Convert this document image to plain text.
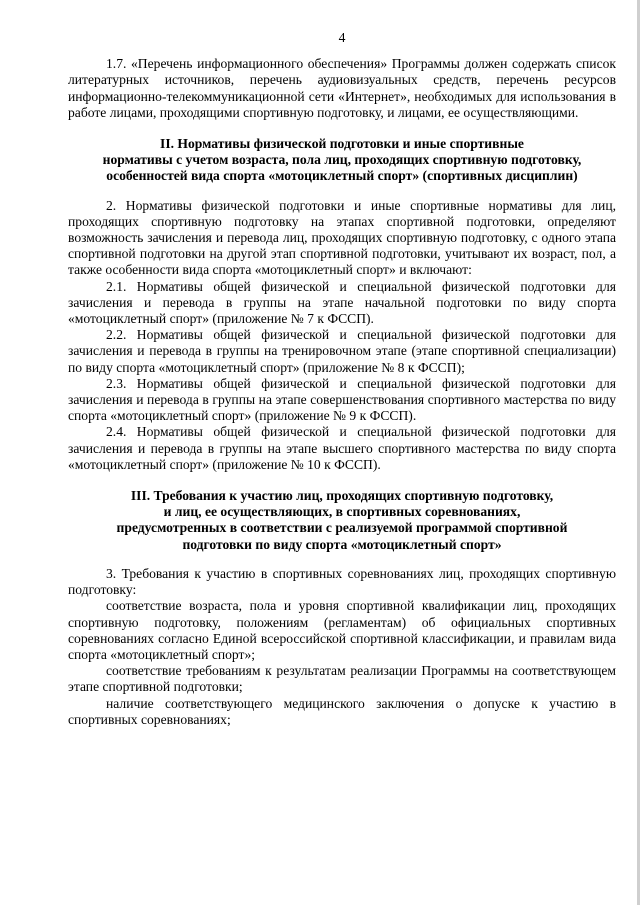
4

1.7. «Перечень информационного обеспечения» Программы должен содержать список литературных источников, перечень аудиовизуальных средств, перечень ресурсов информационно-телекоммуникационной сети «Интернет», необходимых для использования в работе лицами, проходящими спортивную подготовку, и лицами, ее осуществляющими.

II. Нормативы физической подготовки и иные спортивные
нормативы с учетом возраста, пола лиц, проходящих спортивную подготовку,
особенностей вида спорта «мотоциклетный спорт» (спортивных дисциплин)

2. Нормативы физической подготовки и иные спортивные нормативы для лиц, проходящих спортивную подготовку на этапах спортивной подготовки, определяют возможность зачисления и перевода лиц, проходящих спортивную подготовку, с одного этапа спортивной подготовки на другой этап спортивной подготовки, учитывают их возраст, пол, а также особенности вида спорта «мотоциклетный спорт» и включают:

2.1. Нормативы общей физической и специальной физической подготовки для зачисления и перевода в группы на этапе начальной подготовки по виду спорта «мотоциклетный спорт» (приложение № 7 к ФССП).

2.2. Нормативы общей физической и специальной физической подготовки для зачисления и перевода в группы на тренировочном этапе (этапе спортивной специализации) по виду спорта «мотоциклетный спорт» (приложение № 8 к ФССП);

2.3. Нормативы общей физической и специальной физической подготовки для зачисления и перевода в группы на этапе совершенствования спортивного мастерства по виду спорта «мотоциклетный спорт» (приложение № 9 к ФССП).

2.4. Нормативы общей физической и специальной физической подготовки для зачисления и перевода в группы на этапе высшего спортивного мастерства по виду спорта «мотоциклетный спорт» (приложение № 10 к ФССП).

III. Требования к участию лиц, проходящих спортивную подготовку,
и лиц, ее осуществляющих, в спортивных соревнованиях,
предусмотренных в соответствии с реализуемой программой спортивной
подготовки по виду спорта «мотоциклетный спорт»

3. Требования к участию в спортивных соревнованиях лиц, проходящих спортивную подготовку:

соответствие возраста, пола и уровня спортивной квалификации лиц, проходящих спортивную подготовку, положениям (регламентам) об официальных спортивных соревнованиях согласно Единой всероссийской спортивной классификации, и правилам вида спорта «мотоциклетный спорт»;

соответствие требованиям к результатам реализации Программы на соответствующем этапе спортивной подготовки;

наличие соответствующего медицинского заключения о допуске к участию в спортивных соревнованиях;
